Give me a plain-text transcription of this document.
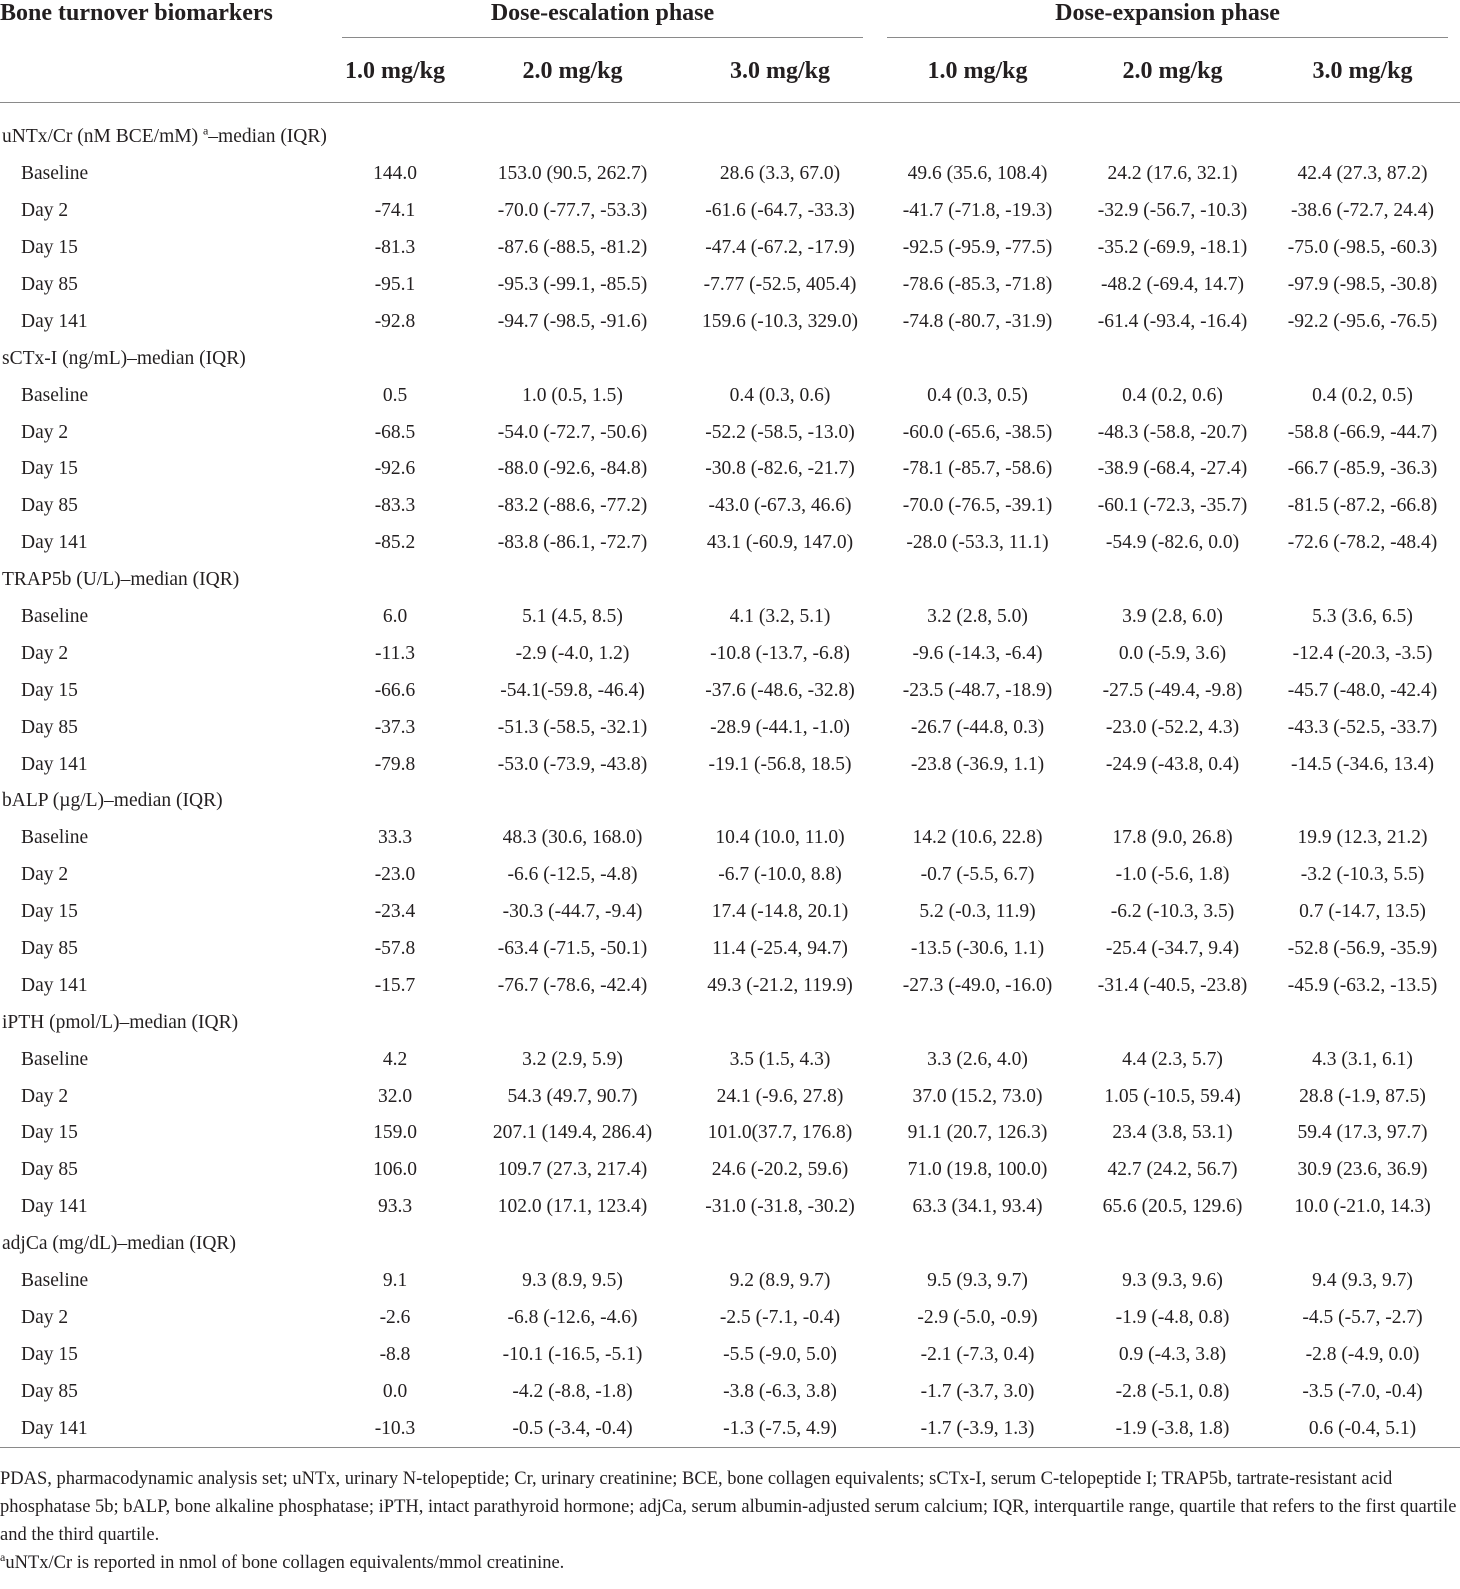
Bone turnover biomarkers	Dose-escalation phase			Dose-expansion phase		

	1.0 mg/kg	2.0 mg/kg	3.0 mg/kg	1.0 mg/kg	2.0 mg/kg	3.0 mg/kg
uNTx/Cr (nM BCE/mM) $^a$–median (IQR)						
Baseline	144.0	153.0 (90.5, 262.7)	28.6 (3.3, 67.0)	49.6 (35.6, 108.4)	24.2 (17.6, 32.1)	42.4 (27.3, 87.2)
Day 2	-74.1	-70.0 (-77.7, -53.3)	-61.6 (-64.7, -33.3)	-41.7 (-71.8, -19.3)	-32.9 (-56.7, -10.3)	-38.6 (-72.7, 24.4)
Day 15	-81.3	-87.6 (-88.5, -81.2)	-47.4 (-67.2, -17.9)	-92.5 (-95.9, -77.5)	-35.2 (-69.9, -18.1)	-75.0 (-98.5, -60.3)
Day 85	-95.1	-95.3 (-99.1, -85.5)	-7.77 (-52.5, 405.4)	-78.6 (-85.3, -71.8)	-48.2 (-69.4, 14.7)	-97.9 (-98.5, -30.8)
Day 141	-92.8	-94.7 (-98.5, -91.6)	159.6 (-10.3, 329.0)	-74.8 (-80.7, -31.9)	-61.4 (-93.4, -16.4)	-92.2 (-95.6, -76.5)
sCTx-I (ng/mL)–median (IQR)						
Baseline	0.5	1.0 (0.5, 1.5)	0.4 (0.3, 0.6)	0.4 (0.3, 0.5)	0.4 (0.2, 0.6)	0.4 (0.2, 0.5)
Day 2	-68.5	-54.0 (-72.7, -50.6)	-52.2 (-58.5, -13.0)	-60.0 (-65.6, -38.5)	-48.3 (-58.8, -20.7)	-58.8 (-66.9, -44.7)
Day 15	-92.6	-88.0 (-92.6, -84.8)	-30.8 (-82.6, -21.7)	-78.1 (-85.7, -58.6)	-38.9 (-68.4, -27.4)	-66.7 (-85.9, -36.3)
Day 85	-83.3	-83.2 (-88.6, -77.2)	-43.0 (-67.3, 46.6)	-70.0 (-76.5, -39.1)	-60.1 (-72.3, -35.7)	-81.5 (-87.2, -66.8)
Day 141	-85.2	-83.8 (-86.1, -72.7)	43.1 (-60.9, 147.0)	-28.0 (-53.3, 11.1)	-54.9 (-82.6, 0.0)	-72.6 (-78.2, -48.4)
TRAP5b (U/L)–median (IQR)						
Baseline	6.0	5.1 (4.5, 8.5)	4.1 (3.2, 5.1)	3.2 (2.8, 5.0)	3.9 (2.8, 6.0)	5.3 (3.6, 6.5)
Day 2	-11.3	-2.9 (-4.0, 1.2)	-10.8 (-13.7, -6.8)	-9.6 (-14.3, -6.4)	0.0 (-5.9, 3.6)	-12.4 (-20.3, -3.5)
Day 15	-66.6	-54.1(-59.8, -46.4)	-37.6 (-48.6, -32.8)	-23.5 (-48.7, -18.9)	-27.5 (-49.4, -9.8)	-45.7 (-48.0, -42.4)
Day 85	-37.3	-51.3 (-58.5, -32.1)	-28.9 (-44.1, -1.0)	-26.7 (-44.8, 0.3)	-23.0 (-52.2, 4.3)	-43.3 (-52.5, -33.7)
Day 141	-79.8	-53.0 (-73.9, -43.8)	-19.1 (-56.8, 18.5)	-23.8 (-36.9, 1.1)	-24.9 (-43.8, 0.4)	-14.5 (-34.6, 13.4)
bALP (µg/L)–median (IQR)						
Baseline	33.3	48.3 (30.6, 168.0)	10.4 (10.0, 11.0)	14.2 (10.6, 22.8)	17.8 (9.0, 26.8)	19.9 (12.3, 21.2)
Day 2	-23.0	-6.6 (-12.5, -4.8)	-6.7 (-10.0, 8.8)	-0.7 (-5.5, 6.7)	-1.0 (-5.6, 1.8)	-3.2 (-10.3, 5.5)
Day 15	-23.4	-30.3 (-44.7, -9.4)	17.4 (-14.8, 20.1)	5.2 (-0.3, 11.9)	-6.2 (-10.3, 3.5)	0.7 (-14.7, 13.5)
Day 85	-57.8	-63.4 (-71.5, -50.1)	11.4 (-25.4, 94.7)	-13.5 (-30.6, 1.1)	-25.4 (-34.7, 9.4)	-52.8 (-56.9, -35.9)
Day 141	-15.7	-76.7 (-78.6, -42.4)	49.3 (-21.2, 119.9)	-27.3 (-49.0, -16.0)	-31.4 (-40.5, -23.8)	-45.9 (-63.2, -13.5)
iPTH (pmol/L)–median (IQR)						
Baseline	4.2	3.2 (2.9, 5.9)	3.5 (1.5, 4.3)	3.3 (2.6, 4.0)	4.4 (2.3, 5.7)	4.3 (3.1, 6.1)
Day 2	32.0	54.3 (49.7, 90.7)	24.1 (-9.6, 27.8)	37.0 (15.2, 73.0)	1.05 (-10.5, 59.4)	28.8 (-1.9, 87.5)
Day 15	159.0	207.1 (149.4, 286.4)	101.0(37.7, 176.8)	91.1 (20.7, 126.3)	23.4 (3.8, 53.1)	59.4 (17.3, 97.7)
Day 85	106.0	109.7 (27.3, 217.4)	24.6 (-20.2, 59.6)	71.0 (19.8, 100.0)	42.7 (24.2, 56.7)	30.9 (23.6, 36.9)
Day 141	93.3	102.0 (17.1, 123.4)	-31.0 (-31.8, -30.2)	63.3 (34.1, 93.4)	65.6 (20.5, 129.6)	10.0 (-21.0, 14.3)
adjCa (mg/dL)–median (IQR)						
Baseline	9.1	9.3 (8.9, 9.5)	9.2 (8.9, 9.7)	9.5 (9.3, 9.7)	9.3 (9.3, 9.6)	9.4 (9.3, 9.7)
Day 2	-2.6	-6.8 (-12.6, -4.6)	-2.5 (-7.1, -0.4)	-2.9 (-5.0, -0.9)	-1.9 (-4.8, 0.8)	-4.5 (-5.7, -2.7)
Day 15	-8.8	-10.1 (-16.5, -5.1)	-5.5 (-9.0, 5.0)	-2.1 (-7.3, 0.4)	0.9 (-4.3, 3.8)	-2.8 (-4.9, 0.0)
Day 85	0.0	-4.2 (-8.8, -1.8)	-3.8 (-6.3, 3.8)	-1.7 (-3.7, 3.0)	-2.8 (-5.1, 0.8)	-3.5 (-7.0, -0.4)
Day 141	-10.3	-0.5 (-3.4, -0.4)	-1.3 (-7.5, 4.9)	-1.7 (-3.9, 1.3)	-1.9 (-3.8, 1.8)	0.6 (-0.4, 5.1)

PDAS, pharmacodynamic analysis set; uNTx, urinary N-telopeptide; Cr, urinary creatinine; BCE, bone collagen equivalents; sCTx-I, serum C-telopeptide I; TRAP5b, tartrate-resistant acid phosphatase 5b; bALP, bone alkaline phosphatase; iPTH, intact parathyroid hormone; adjCa, serum albumin-adjusted serum calcium; IQR, interquartile range, quartile that refers to the first quartile and the third quartile.

$^a$uNTx/Cr is reported in nmol of bone collagen equivalents/mmol creatinine.
